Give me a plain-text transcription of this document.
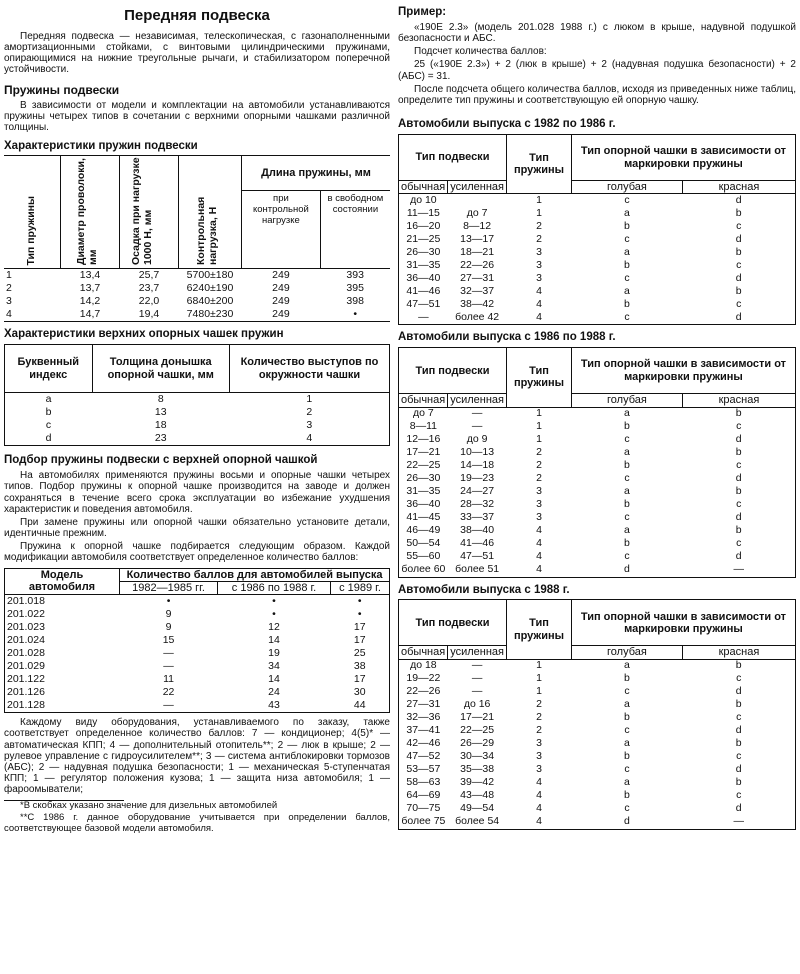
Передняя подвеска

Передняя подвеска — независимая, телескопическая, с газонаполненными амортизационными стойками, с винтовыми цилиндрическими пружинами, опирающимися на нижние треугольные рычаги, и стабилизатором поперечной устойчивости.

Пружины подвески

В зависимости от модели и комплектации на автомобили устанавливаются пружины четырех типов в сочетании с верхними опорными чашками различной толщины.

Характеристики пружин подвески
Тип пружины	Диаметр проволоки, мм	Осадка при нагрузке 1000 Н, мм	Контрольная нагрузка, Н	Длина пружины, мм	
				при контрольной нагрузке	в свободном состоянии
1	13,4	25,7	5700±180	249	393
2	13,7	23,7	6240±190	249	395
3	14,2	22,0	6840±200	249	398
4	14,7	19,4	7480±230	249	•
Характеристики верхних опорных чашек пружин
Буквенный индекс	Толщина донышка опорной чашки, мм	Количество выступов по окружности чашки
a	8	1
b	13	2
c	18	3
d	23	4
Подбор пружины подвески с верхней опорной чашкой

На автомобилях применяются пружины восьми и опорные чашки четырех типов. Подбор пружины к опорной чашке производится на заводе и должен сохраняться в течение всего срока эксплуатации во избежание ухудшения характеристик и поведения автомобиля.

При замене пружины или опорной чашки обязательно установите детали, идентичные прежним.

Пружина к опорной чашке подбирается следующим образом. Каждой модификации автомобиля соответствует определенное количество баллов:

Модель автомобиля	Количество баллов для автомобилей выпуска		
	1982—1985 гг.	с 1986 по 1988 г.	с 1989 г.
201.018	•	•	•
201.022	9	•	•
201.023	9	12	17
201.024	15	14	17
201.028	—	19	25
201.029	—	34	38
201.122	11	14	17
201.126	22	24	30
201.128	—	43	44

Каждому виду оборудования, устанавливаемого по заказу, также соответствует определенное количество баллов: 7 — кондиционер; 4(5)* — автоматическая КПП; 4 — дополнительный отопитель**; 2 — люк в крыше; 2 — рулевое управление с гидроусилителем**; 3 — система антиблокировки тормозов (АБС); 2 — надувная подушка безопасности; 1 — механическая 5-ступенчатая КПП; 1 — регулятор положения кузова; 1 — защита низа автомобиля; 1 — фароомыватели;

*В скобках указано значение для дизельных автомобилей

**С 1986 г. данное оборудование учитывается при определении баллов, соответствующее базовой модели автомобиля.

Пример:

«190Е 2.3» (модель 201.028 1988 г.) с люком в крыше, надувной подушкой безопасности и АБС.

Подсчет количества баллов:

25 («190Е 2.3») + 2 (люк в крыше) + 2 (надувная подушка безопасности) + 2 (АБС) = 31.

После подсчета общего количества баллов, исходя из приведенных ниже таблиц, определите тип пружины и соответствующую ей опорную чашку.

Автомобили выпуска с 1982 по 1986 г.
Тип подвески		Тип пружины	Тип опорной чашки в зависимости от маркировки пружины	
обычная	усиленная		голубая	красная
до 10		1	c	d
11—15	до 7	1	a	b
16—20	8—12	2	b	c
21—25	13—17	2	c	d
26—30	18—21	3	a	b
31—35	22—26	3	b	c
36—40	27—31	3	c	d
41—46	32—37	4	a	b
47—51	38—42	4	b	c
—	более 42	4	c	d
Автомобили выпуска с 1986 по 1988 г.
Тип подвески		Тип пружины	Тип опорной чашки в зависимости от маркировки пружины	
обычная	усиленная		голубая	красная
до 7	—	1	a	b
8—11	—	1	b	c
12—16	до 9	1	c	d
17—21	10—13	2	a	b
22—25	14—18	2	b	c
26—30	19—23	2	c	d
31—35	24—27	3	a	b
36—40	28—32	3	b	c
41—45	33—37	3	c	d
46—49	38—40	4	a	b
50—54	41—46	4	b	c
55—60	47—51	4	c	d
более 60	более 51	4	d	—
Автомобили выпуска с 1988 г.
Тип подвески		Тип пружины	Тип опорной чашки в зависимости от маркировки пружины	
обычная	усиленная		голубая	красная
до 18	—	1	a	b
19—22	—	1	b	c
22—26	—	1	c	d
27—31	до 16	2	a	b
32—36	17—21	2	b	c
37—41	22—25	2	c	d
42—46	26—29	3	a	b
47—52	30—34	3	b	c
53—57	35—38	3	c	d
58—63	39—42	4	a	b
64—69	43—48	4	b	c
70—75	49—54	4	c	d
более 75	более 54	4	d	—
